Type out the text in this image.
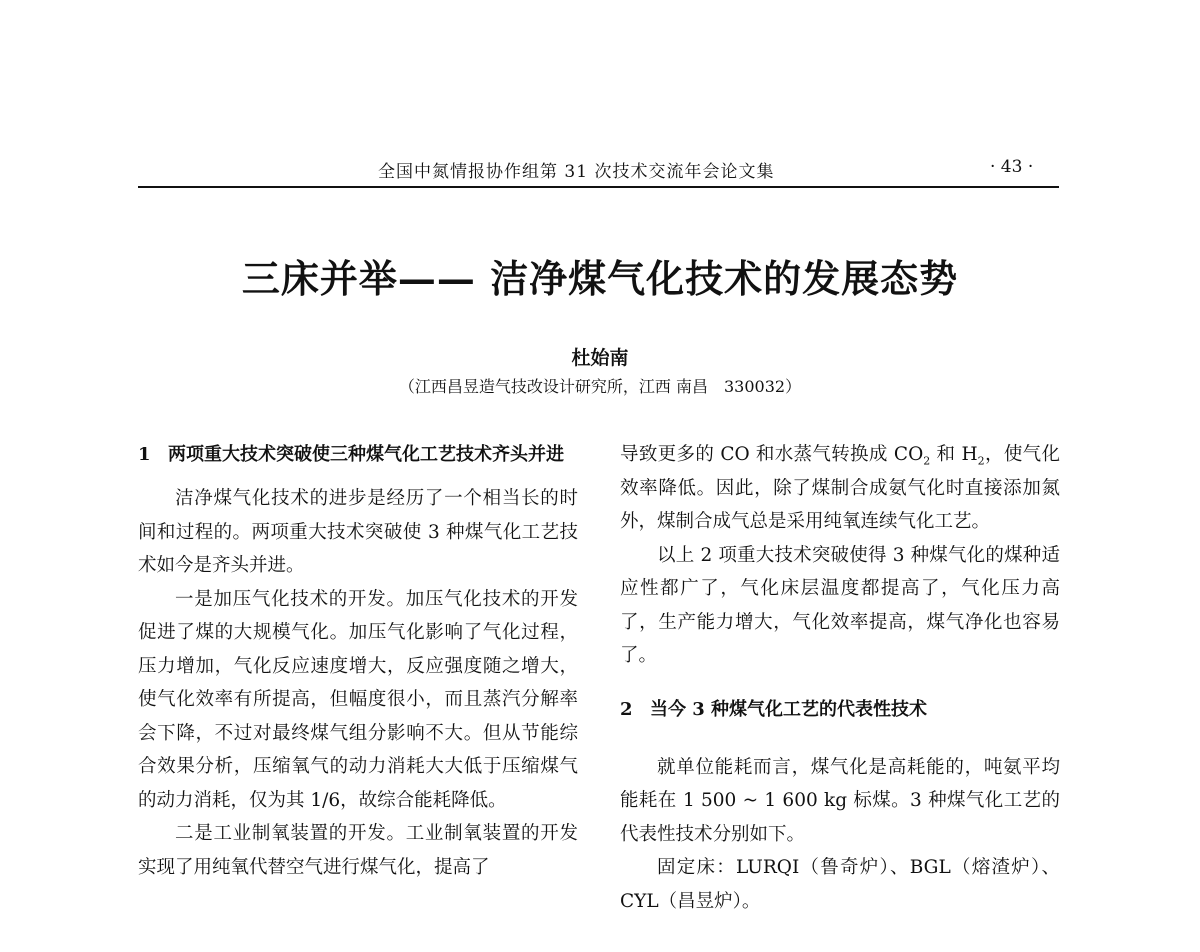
全国中氮情报协作组第 31 次技术交流年会论文集	· 43 ·
三床并举—— 洁净煤气化技术的发展态势
杜始南
（江西昌昱造气技改设计研究所，江西 南昌　330032）

1 两项重大技术突破使三种煤气化工艺技术齐头并进

洁净煤气化技术的进步是经历了一个相当长的时间和过程的。两项重大技术突破使 3 种煤气化工艺技术如今是齐头并进。

一是加压气化技术的开发。加压气化技术的开发促进了煤的大规模气化。加压气化影响了气化过程，压力增加，气化反应速度增大，反应强度随之增大，使气化效率有所提高，但幅度很小，而且蒸汽分解率会下降，不过对最终煤气组分影响不大。但从节能综合效果分析，压缩氧气的动力消耗大大低于压缩煤气的动力消耗，仅为其 1/6，故综合能耗降低。

二是工业制氧装置的开发。工业制氧装置的开发实现了用纯氧代替空气进行煤气化，提高了

导致更多的 CO 和水蒸气转换成 $CO_2$ 和 $H_2$，使气化效率降低。因此，除了煤制合成氨气化时直接添加氮外，煤制合成气总是采用纯氧连续气化工艺。

以上 2 项重大技术突破使得 3 种煤气化的煤种适应性都广了，气化床层温度都提高了，气化压力高了，生产能力增大，气化效率提高，煤气净化也容易了。

2 当今 3 种煤气化工艺的代表性技术

就单位能耗而言，煤气化是高耗能的，吨氨平均能耗在 1 500 ~ 1 600 kg 标煤。3 种煤气化工艺的代表性技术分别如下。

固定床：LURQI（鲁奇炉）、BGL（熔渣炉）、CYL（昌昱炉）。
